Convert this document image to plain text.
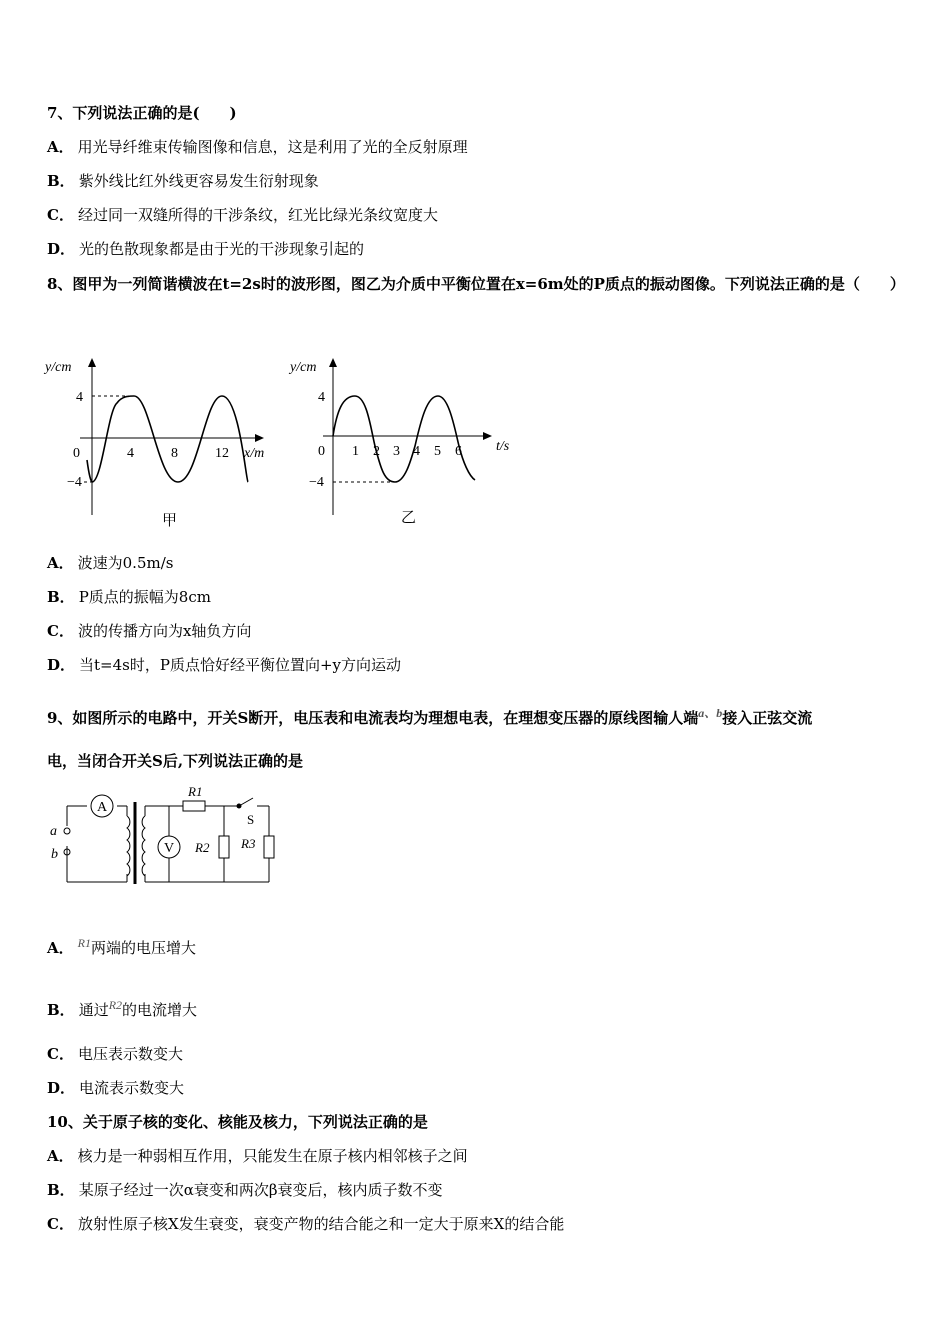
7、下列说法正确的是(　　)
A． 用光导纤维束传输图像和信息，这是利用了光的全反射原理
B． 紫外线比红外线更容易发生衍射现象
C． 经过同一双缝所得的干涉条纹，红光比绿光条纹宽度大
D． 光的色散现象都是由于光的干涉现象引起的
8、图甲为一列简谐横波在t=2s时的波形图，图乙为介质中平衡位置在x=6m处的P质点的振动图像。下列说法正确的是（　　）
y/cm
x/m
4
−4
0	4	8	12
甲
y/cm
t/s
4
−4
0 1 2 3 4 5 6
乙
A． 波速为0.5m/s
B． P质点的振幅为8cm
C． 波的传播方向为x轴负方向
D． 当t=4s时，P质点恰好经平衡位置向+y方向运动
9、如图所示的电路中，开关S断开，电压表和电流表均为理想电表，在理想变压器的原线图输人端$^{a、b}$接入正弦交流
电，当闭合开关S后,下列说法正确的是
A
V
R1
R2 R3
S
a
b
A． $^{R1}$两端的电压增大
B． 通过$^{R2}$的电流增大
C． 电压表示数变大
D． 电流表示数变大
10、关于原子核的变化、核能及核力，下列说法正确的是
A． 核力是一种弱相互作用，只能发生在原子核内相邻核子之间
B． 某原子经过一次α衰变和两次β衰变后，核内质子数不变
C． 放射性原子核X发生衰变，衰变产物的结合能之和一定大于原来X的结合能
